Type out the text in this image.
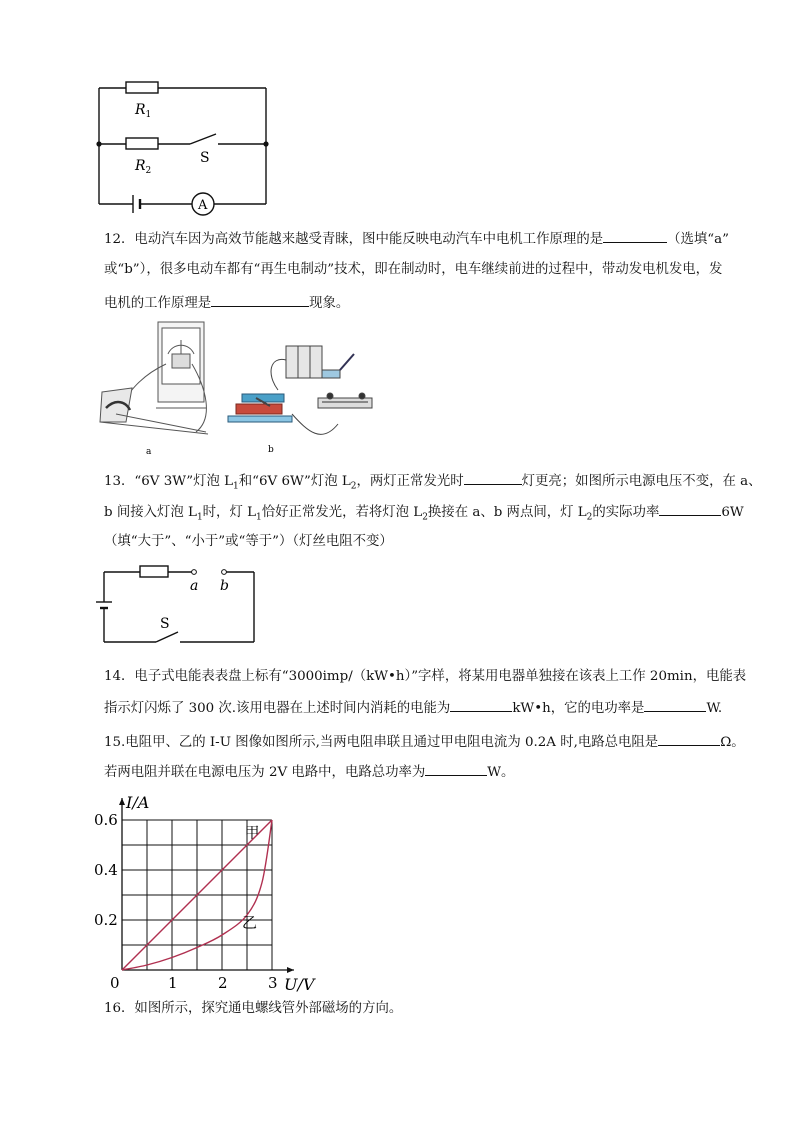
$R_1$
$R_2$
S
A
12．电动汽车因为高效节能越来越受青睐，图中能反映电动汽车中电机工作原理的是	（选填“a”
或“b”），很多电动车都有“再生电制动”技术，即在制动时，电车继续前进的过程中，带动发电机发电，发
电机的工作原理是	现象。
a	b
13．“6V 3W”灯泡 $L_1$和“6V 6W”灯泡 $L_2$，两灯正常发光时	灯更亮；如图所示电源电压不变，在 a、
b 间接入灯泡 $L_1$时，灯 $L_1$恰好正常发光，若将灯泡 $L_2$换接在 a、b 两点间，灯 $L_2$的实际功率	6W
（填“大于”、“小于”或“等于”）（灯丝电阻不变）
a b
S
14．电子式电能表表盘上标有“3000imp/（kW•h）”字样，将某用电器单独接在该表上工作 20min，电能表
指示灯闪烁了 300 次.该用电器在上述时间内消耗的电能为	kW•h，它的电功率是	W.
15.电阻甲、乙的 I-U 图像如图所示,当两电阻串联且通过甲电阻电流为 0.2A 时,电路总电阻是	Ω。
若两电阻并联在电源电压为 2V 电路中，电路总功率为	W。
0	1	2	3
0.2
0.4
0.6
I/A
U/V
甲
乙
16．如图所示，探究通电螺线管外部磁场的方向。
